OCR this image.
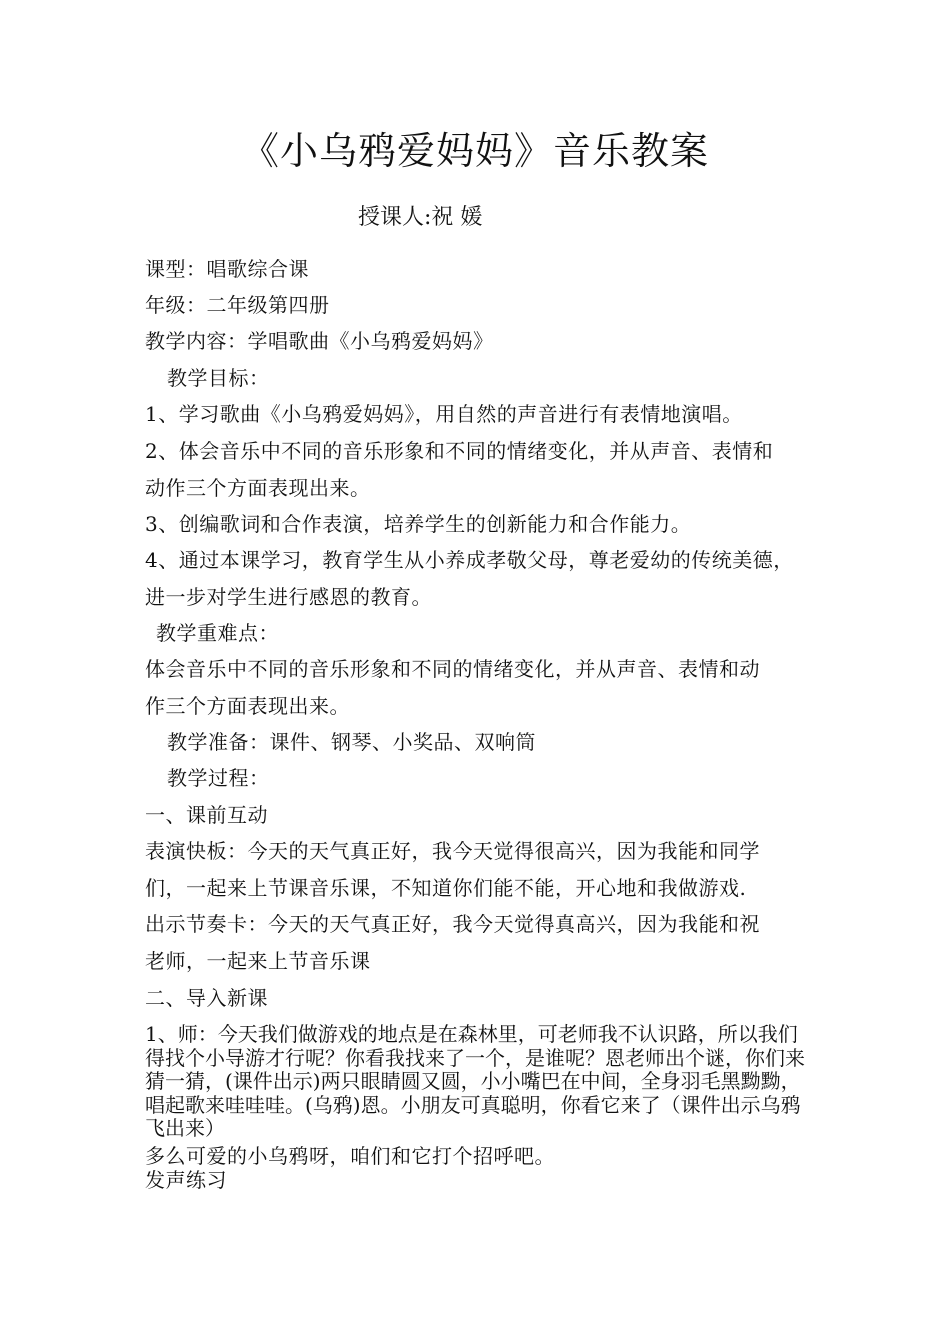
《小乌鸦爱妈妈》音乐教案
授课人:祝 媛
课型：唱歌综合课
年级：二年级第四册
教学内容：学唱歌曲《小乌鸦爱妈妈》
教学目标：
1、学习歌曲《小乌鸦爱妈妈》，用自然的声音进行有表情地演唱。
2、体会音乐中不同的音乐形象和不同的情绪变化，并从声音、表情和
动作三个方面表现出来。
3、创编歌词和合作表演，培养学生的创新能力和合作能力。
4、通过本课学习，教育学生从小养成孝敬父母，尊老爱幼的传统美德，
进一步对学生进行感恩的教育。
教学重难点：
体会音乐中不同的音乐形象和不同的情绪变化，并从声音、表情和动
作三个方面表现出来。
教学准备：课件、钢琴、小奖品、双响筒
教学过程：
一、课前互动
表演快板：今天的天气真正好，我今天觉得很高兴，因为我能和同学
们，一起来上节课音乐课，不知道你们能不能，开心地和我做游戏.
出示节奏卡：今天的天气真正好，我今天觉得真高兴，因为我能和祝
老师，一起来上节音乐课
二、导入新课
1、师：今天我们做游戏的地点是在森林里，可老师我不认识路，所以我们得找个小导游才行呢？你看我找来了一个，是谁呢？恩老师出个谜，你们来猜一猜，(课件出示)两只眼睛圆又圆，小小嘴巴在中间，全身羽毛黑黝黝，唱起歌来哇哇哇。(乌鸦)恩。小朋友可真聪明，你看它来了（课件出示乌鸦飞出来）
多么可爱的小乌鸦呀，咱们和它打个招呼吧。
发声练习
